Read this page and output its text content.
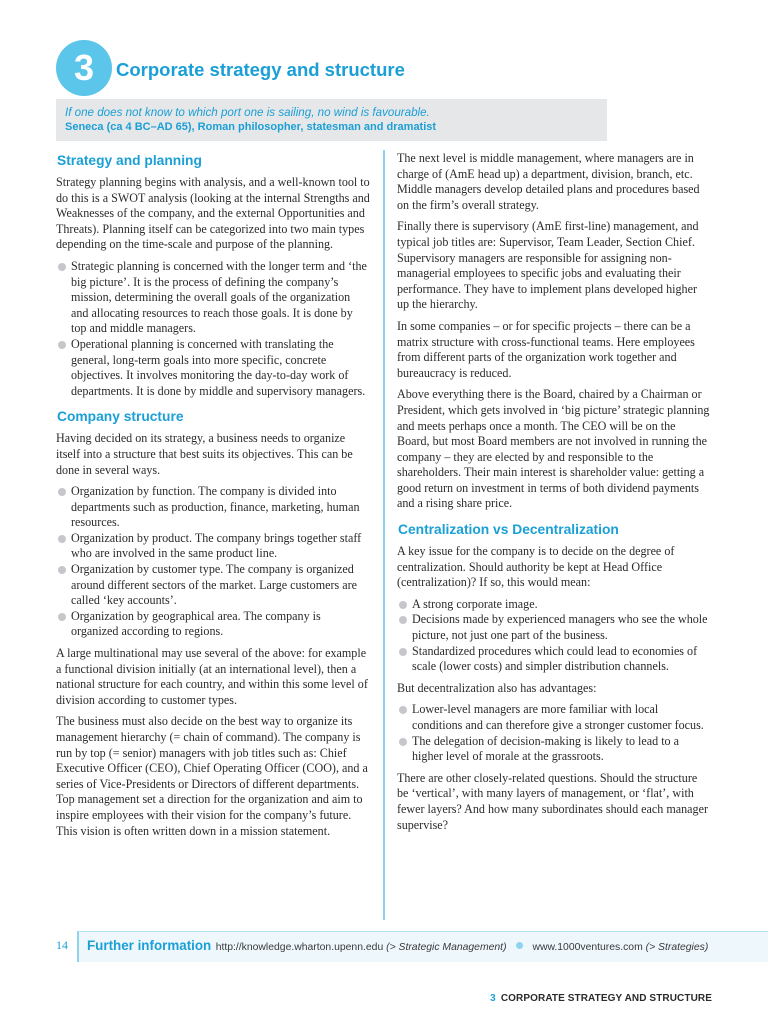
3	Corporate strategy and structure
If one does not know to which port one is sailing, no wind is favourable.
Seneca (ca 4 BC–AD 65), Roman philosopher, statesman and dramatist
Strategy and planning

Strategy planning begins with analysis, and a well-known tool to do this is a SWOT analysis (looking at the internal Strengths and Weaknesses of the company, and the external Opportunities and Threats). Planning itself can be categorized into two main types depending on the time-scale and purpose of the planning.

Strategic planning is concerned with the longer term and ‘the big picture’. It is the process of defining the company’s mission, determining the overall goals of the organization and allocating resources to reach those goals. It is done by top and middle managers.
Operational planning is concerned with translating the general, long-term goals into more specific, concrete objectives. It involves monitoring the day-to-day work of departments. It is done by middle and supervisory managers.
Company structure

Having decided on its strategy, a business needs to organize itself into a structure that best suits its objectives. This can be done in several ways.

Organization by function. The company is divided into departments such as production, finance, marketing, human resources.
Organization by product. The company brings together staff who are involved in the same product line.
Organization by customer type. The company is organized around different sectors of the market. Large customers are called ‘key accounts’.
Organization by geographical area. The company is organized according to regions.

A large multinational may use several of the above: for example a functional division initially (at an international level), then a national structure for each country, and within this some level of division according to customer types.

The business must also decide on the best way to organize its management hierarchy (= chain of command). The company is run by top (= senior) managers with job titles such as: Chief Executive Officer (CEO), Chief Operating Officer (COO), and a series of Vice-Presidents or Directors of different departments. Top management set a direction for the organization and aim to inspire employees with their vision for the company’s future. This vision is often written down in a mission statement.

The next level is middle management, where managers are in charge of (AmE head up) a department, division, branch, etc. Middle managers develop detailed plans and procedures based on the firm’s overall strategy.

Finally there is supervisory (AmE first-line) management, and typical job titles are: Supervisor, Team Leader, Section Chief. Supervisory managers are responsible for assigning non-managerial employees to specific jobs and evaluating their performance. They have to implement plans developed higher up the hierarchy.

In some companies – or for specific projects – there can be a matrix structure with cross-functional teams. Here employees from different parts of the organization work together and bureaucracy is reduced.

Above everything there is the Board, chaired by a Chairman or President, which gets involved in ‘big picture’ strategic planning and meets perhaps once a month. The CEO will be on the Board, but most Board members are not involved in running the company – they are elected by and responsible to the shareholders. Their main interest is shareholder value: getting a good return on investment in terms of both dividend payments and a rising share price.

Centralization vs Decentralization

A key issue for the company is to decide on the degree of centralization. Should authority be kept at Head Office (centralization)? If so, this would mean:

A strong corporate image.
Decisions made by experienced managers who see the whole picture, not just one part of the business.
Standardized procedures which could lead to economies of scale (lower costs) and simpler distribution channels.

But decentralization also has advantages:

Lower-level managers are more familiar with local conditions and can therefore give a stronger customer focus.
The delegation of decision-making is likely to lead to a higher level of morale at the grassroots.

There are other closely-related questions. Should the structure be ‘vertical’, with many layers of management, or ‘flat’, with fewer layers? And how many subordinates should each manager supervise?

14	Further information http://knowledge.wharton.upenn.edu (> Strategic Management) www.1000ventures.com (> Strategies)
3 CORPORATE STRATEGY AND STRUCTURE
